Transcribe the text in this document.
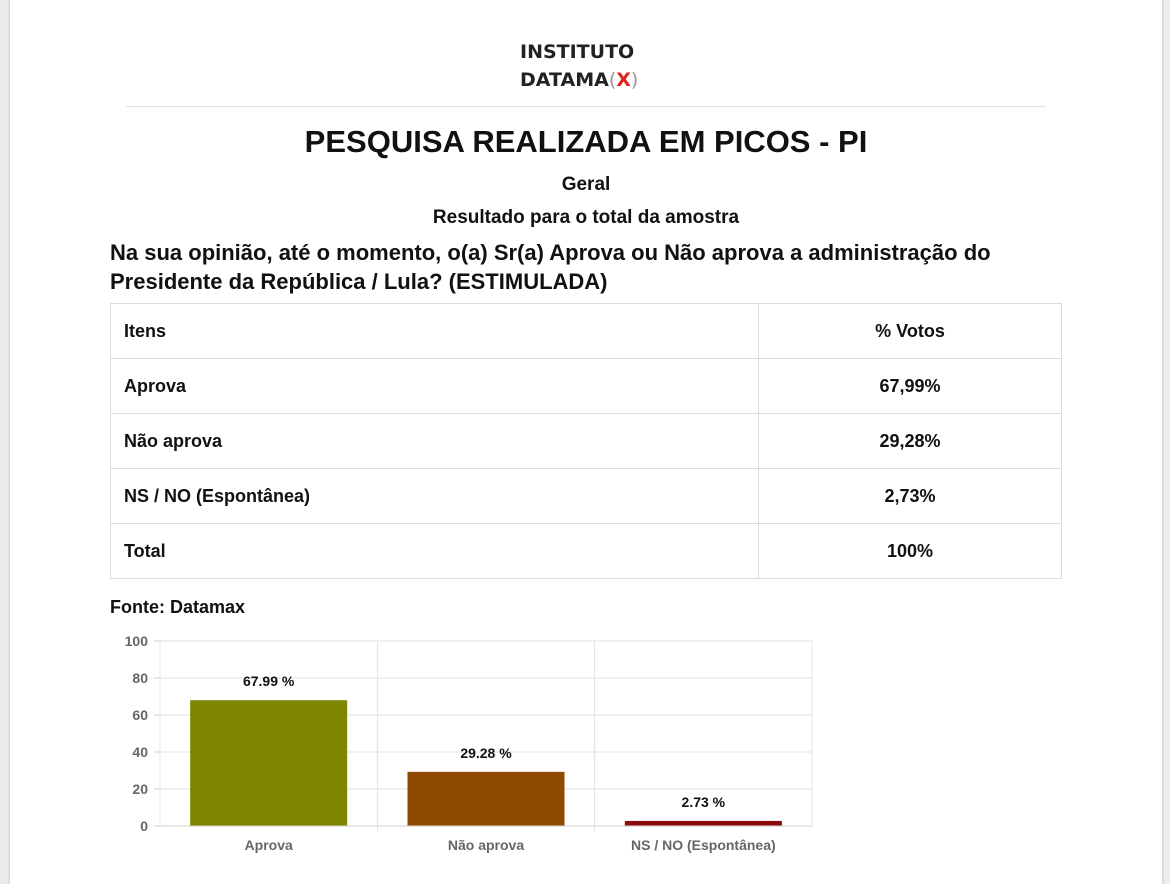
INSTITUTO
DATAMA(X)
PESQUISA REALIZADA EM PICOS - PI
Geral
Resultado para o total da amostra
Na sua opinião, até o momento, o(a) Sr(a) Aprova ou Não aprova a administração do Presidente da República / Lula? (ESTIMULADA)
Itens	% Votos
Aprova	67,99%
Não aprova	29,28%
NS / NO (Espontânea)	2,73%
Total	100%
Fonte: Datamax
0
20
40
60
80
100
67.99 %
Aprova
29.28 %
Não aprova
2.73 %
NS / NO (Espontânea)
